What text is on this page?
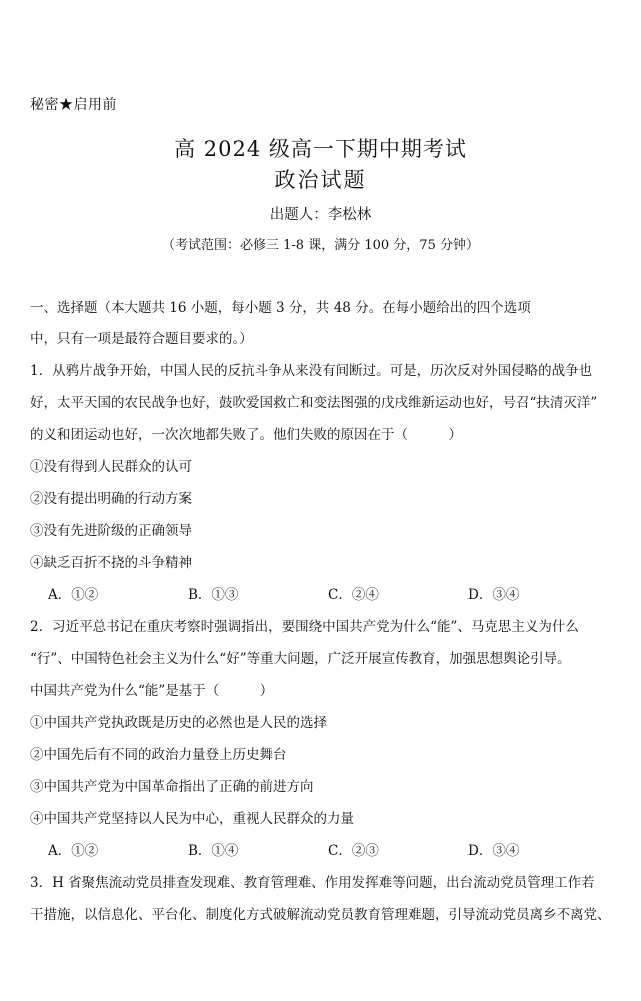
秘密★启用前
高 2024 级高一下期中期考试
政治试题
出题人：李松林
（考试范围：必修三 1-8 课，满分 100 分，75 分钟）
一、选择题（本大题共 16 小题，每小题 3 分，共 48 分。在每小题给出的四个选项
中，只有一项是最符合题目要求的。）
1．从鸦片战争开始，中国人民的反抗斗争从来没有间断过。可是，历次反对外国侵略的战争也
好，太平天国的农民战争也好，鼓吹爱国救亡和变法图强的戊戌维新运动也好，号召“扶清灭洋”
的义和团运动也好，一次次地都失败了。他们失败的原因在于（　　　）
①没有得到人民群众的认可
②没有提出明确的行动方案
③没有先进阶级的正确领导
④缺乏百折不挠的斗争精神
A．①②	B．①③	C．②④	D．③④
2．习近平总书记在重庆考察时强调指出，要围绕中国共产党为什么“能”、马克思主义为什么
“行”、中国特色社会主义为什么“好”等重大问题，广泛开展宣传教育，加强思想舆论引导。
中国共产党为什么“能”是基于（　　　）
①中国共产党执政既是历史的必然也是人民的选择
②中国先后有不同的政治力量登上历史舞台
③中国共产党为中国革命指出了正确的前进方向
④中国共产党坚持以人民为中心，重视人民群众的力量
A．①②	B．①④	C．②③	D．③④
3．H 省聚焦流动党员排查发现难、教育管理难、作用发挥难等问题，出台流动党员管理工作若
干措施，以信息化、平台化、制度化方式破解流动党员教育管理难题，引导流动党员离乡不离党、
